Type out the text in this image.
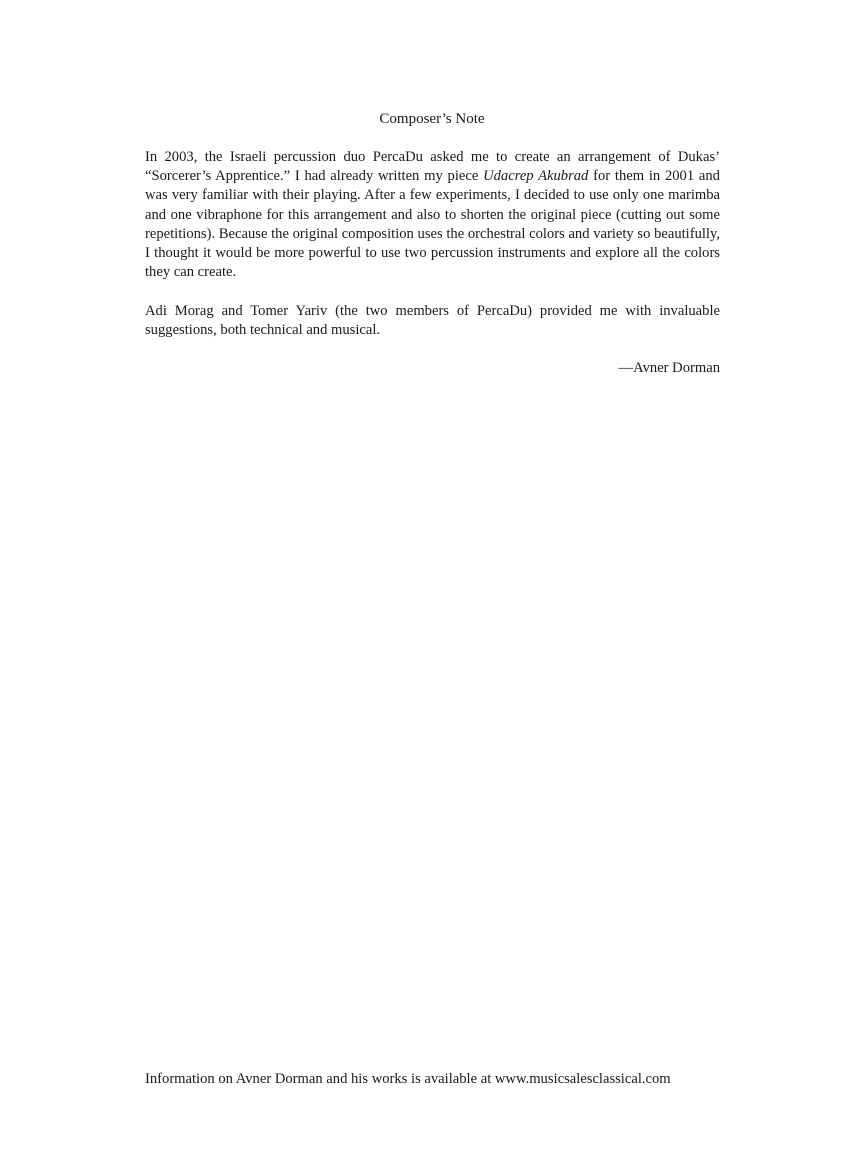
Composer’s Note

In 2003, the Israeli percussion duo PercaDu asked me to create an arrangement of Dukas’ “Sorcerer’s Apprentice.” I had already written my piece Udacrep Akubrad for them in 2001 and was very familiar with their playing. After a few experiments, I decided to use only one marimba and one vibraphone for this arrangement and also to shorten the original piece (cutting out some repetitions). Because the original composition uses the orchestral colors and variety so beautifully, I thought it would be more powerful to use two percussion instruments and explore all the colors they can create.

Adi Morag and Tomer Yariv (the two members of PercaDu) provided me with invaluable suggestions, both technical and musical.

—Avner Dorman
Information on Avner Dorman and his works is available at www.musicsalesclassical.com
